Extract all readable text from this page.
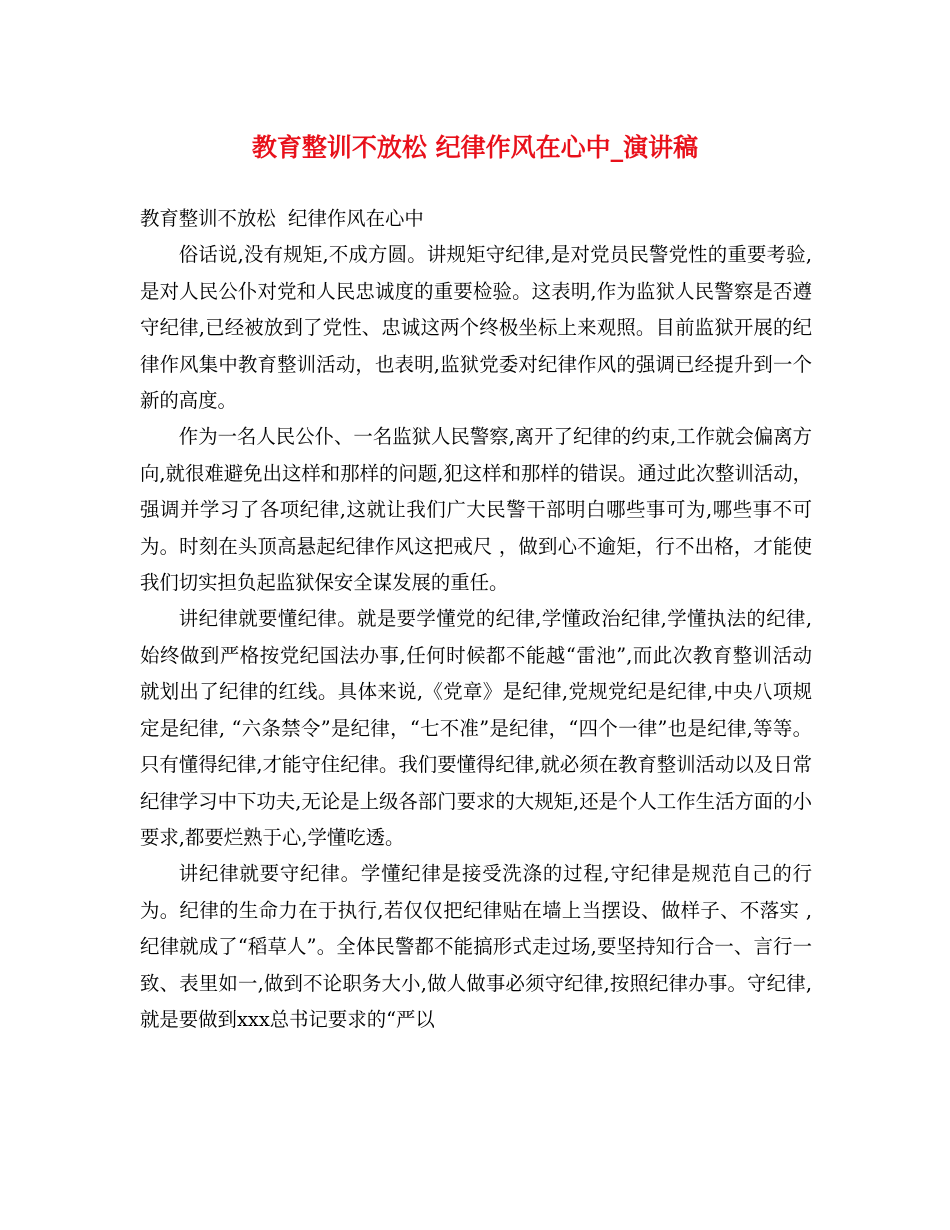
教育整训不放松 纪律作风在心中_演讲稿

教育整训不放松  纪律作风在心中

俗话说,没有规矩,不成方圆。讲规矩守纪律,是对党员民警党性的重要考验,是对人民公仆对党和人民忠诚度的重要检验。这表明,作为监狱人民警察是否遵守纪律,已经被放到了党性、忠诚这两个终极坐标上来观照。目前监狱开展的纪律作风集中教育整训活动，也表明,监狱党委对纪律作风的强调已经提升到一个新的高度。

作为一名人民公仆、一名监狱人民警察,离开了纪律的约束,工作就会偏离方向,就很难避免出这样和那样的问题,犯这样和那样的错误。通过此次整训活动，强调并学习了各项纪律,这就让我们广大民警干部明白哪些事可为,哪些事不可为。时刻在头顶高悬起纪律作风这把戒尺 ，做到心不逾矩，行不出格，才能使我们切实担负起监狱保安全谋发展的重任。

讲纪律就要懂纪律。就是要学懂党的纪律,学懂政治纪律,学懂执法的纪律,始终做到严格按党纪国法办事,任何时候都不能越“雷池”,而此次教育整训活动就划出了纪律的红线。具体来说,《党章》是纪律,党规党纪是纪律,中央八项规定是纪律, “六条禁令”是纪律，“七不准”是纪律，“四个一律”也是纪律,等等。只有懂得纪律,才能守住纪律。我们要懂得纪律,就必须在教育整训活动以及日常纪律学习中下功夫,无论是上级各部门要求的大规矩,还是个人工作生活方面的小要求,都要烂熟于心,学懂吃透。

讲纪律就要守纪律。学懂纪律是接受洗涤的过程,守纪律是规范自己的行为。纪律的生命力在于执行,若仅仅把纪律贴在墙上当摆设、做样子、不落实 ,纪律就成了“稻草人”。全体民警都不能搞形式走过场,要坚持知行合一、言行一致、表里如一,做到不论职务大小,做人做事必须守纪律,按照纪律办事。守纪律,就是要做到xxx总书记要求的“严以
